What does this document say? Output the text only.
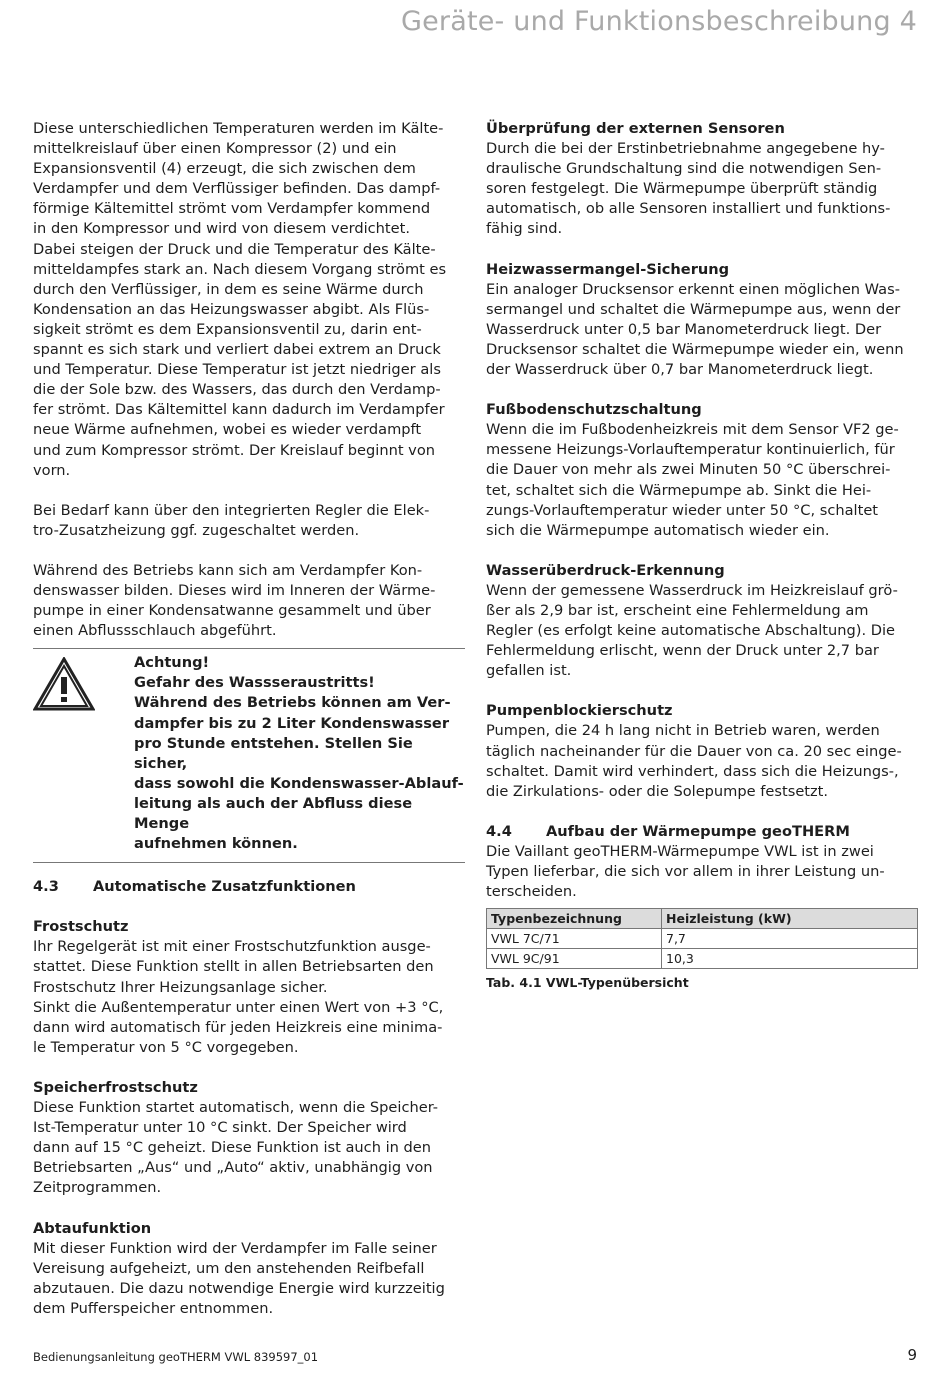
Geräte- und Funktionsbeschreibung 4

Diese unterschiedlichen Temperaturen werden im Kälte-

mittelkreislauf über einen Kompressor (2) und ein

Expansionsventil (4) erzeugt, die sich zwischen dem

Verdampfer und dem Verflüssiger befinden. Das dampf-

förmige Kältemittel strömt vom Verdampfer kommend

in den Kompressor und wird von diesem verdichtet.

Dabei steigen der Druck und die Temperatur des Kälte-

mitteldampfes stark an. Nach diesem Vorgang strömt es

durch den Verflüssiger, in dem es seine Wärme durch

Kondensation an das Heizungswasser abgibt. Als Flüs-

sigkeit strömt es dem Expansionsventil zu, darin ent-

spannt es sich stark und verliert dabei extrem an Druck

und Temperatur. Diese Temperatur ist jetzt niedriger als

die der Sole bzw. des Wassers, das durch den Verdamp-

fer strömt. Das Kältemittel kann dadurch im Verdampfer

neue Wärme aufnehmen, wobei es wieder verdampft

und zum Kompressor strömt. Der Kreislauf beginnt von

vorn.

Bei Bedarf kann über den integrierten Regler die Elek-

tro-Zusatzheizung ggf. zugeschaltet werden.

Während des Betriebs kann sich am Verdampfer Kon-

denswasser bilden. Dieses wird im Inneren der Wärme-

pumpe in einer Kondensatwanne gesammelt und über

einen Abflussschlauch abgeführt.

Achtung!

Gefahr des Wassseraustritts!

Während des Betriebs können am Ver-

dampfer bis zu 2 Liter Kondenswasser

pro Stunde entstehen. Stellen Sie sicher,

dass sowohl die Kondenswasser-Ablauf-

leitung als auch der Abfluss diese Menge

aufnehmen können.

4.3	Automatische Zusatzfunktionen

Frostschutz

Ihr Regelgerät ist mit einer Frostschutzfunktion ausge-

stattet. Diese Funktion stellt in allen Betriebsarten den

Frostschutz Ihrer Heizungsanlage sicher.

Sinkt die Außentemperatur unter einen Wert von +3 °C,

dann wird automatisch für jeden Heizkreis eine minima-

le Temperatur von 5 °C vorgegeben.

Speicherfrostschutz

Diese Funktion startet automatisch, wenn die Speicher-

Ist-Temperatur unter 10 °C sinkt. Der Speicher wird

dann auf 15 °C geheizt. Diese Funktion ist auch in den

Betriebsarten „Aus“ und „Auto“ aktiv, unabhängig von

Zeitprogrammen.

Abtaufunktion

Mit dieser Funktion wird der Verdampfer im Falle seiner

Vereisung aufgeheizt, um den anstehenden Reifbefall

abzutauen. Die dazu notwendige Energie wird kurzzeitig

dem Pufferspeicher entnommen.

Überprüfung der externen Sensoren

Durch die bei der Erstinbetriebnahme angegebene hy-

draulische Grundschaltung sind die notwendigen Sen-

soren festgelegt. Die Wärmepumpe überprüft ständig

automatisch, ob alle Sensoren installiert und funktions-

fähig sind.

Heizwassermangel-Sicherung

Ein analoger Drucksensor erkennt einen möglichen Was-

sermangel und schaltet die Wärmepumpe aus, wenn der

Wasserdruck unter 0,5 bar Manometerdruck liegt. Der

Drucksensor schaltet die Wärmepumpe wieder ein, wenn

der Wasserdruck über 0,7 bar Manometerdruck liegt.

Fußbodenschutzschaltung

Wenn die im Fußbodenheizkreis mit dem Sensor VF2 ge-

messene Heizungs-Vorlauftemperatur kontinuierlich, für

die Dauer von mehr als zwei Minuten 50 °C überschrei-

tet, schaltet sich die Wärmepumpe ab. Sinkt die Hei-

zungs-Vorlauftemperatur wieder unter 50 °C, schaltet

sich die Wärmepumpe automatisch wieder ein.

Wasserüberdruck-Erkennung

Wenn der gemessene Wasserdruck im Heizkreislauf grö-

ßer als 2,9 bar ist, erscheint eine Fehlermeldung am

Regler (es erfolgt keine automatische Abschaltung). Die

Fehlermeldung erlischt, wenn der Druck unter 2,7 bar

gefallen ist.

Pumpenblockierschutz

Pumpen, die 24 h lang nicht in Betrieb waren, werden

täglich nacheinander für die Dauer von ca. 20 sec einge-

schaltet. Damit wird verhindert, dass sich die Heizungs-,

die Zirkulations- oder die Solepumpe festsetzt.

4.4	Aufbau der Wärmepumpe geoTHERM

Die Vaillant geoTHERM-Wärmepumpe VWL ist in zwei

Typen lieferbar, die sich vor allem in ihrer Leistung un-

terscheiden.

Typenbezeichnung	Heizleistung (kW)
VWL 7C/71	7,7
VWL 9C/91	10,3
Tab. 4.1 VWL-Typenübersicht
Bedienungsanleitung geoTHERM VWL 839597_01	9
